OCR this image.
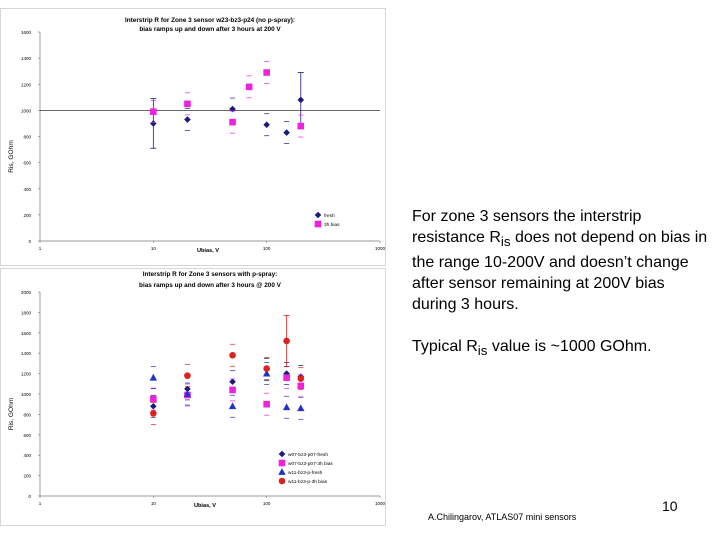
Interstrip R for Zone 3 sensor w23-bz3-p24 (no p-spray):
bias ramps up and down after 3 hours at 200 V
1600
1400
1200
1000
800
600
400
200
0
1	10	100	1000
Ris, GOhm
Ubias, V
fresh
3h bias
Interstrip R for Zone 3 sensors with p-spray:
bias ramps up and down after 3 hours @ 200 V
2000
1800
1600
1400
1200
1000
800
600
400
200
0
1	10	100	1000
Ris, GOhm
Ubias, V
w07-bz3-p07-fresh
w07-bz3-p07-3h bias
w11-bz3-p-fresh
w11-bz3-p-3h bias

For zone 3 sensors the interstrip resistance $R_{is}$ does not depend on bias in the range 10-200V and doesn’t change after sensor remaining at 200V bias during 3 hours.

Typical $R_{is}$ value is ~1000 GOhm.

10
A.Chilingarov, ATLAS07 mini sensors
